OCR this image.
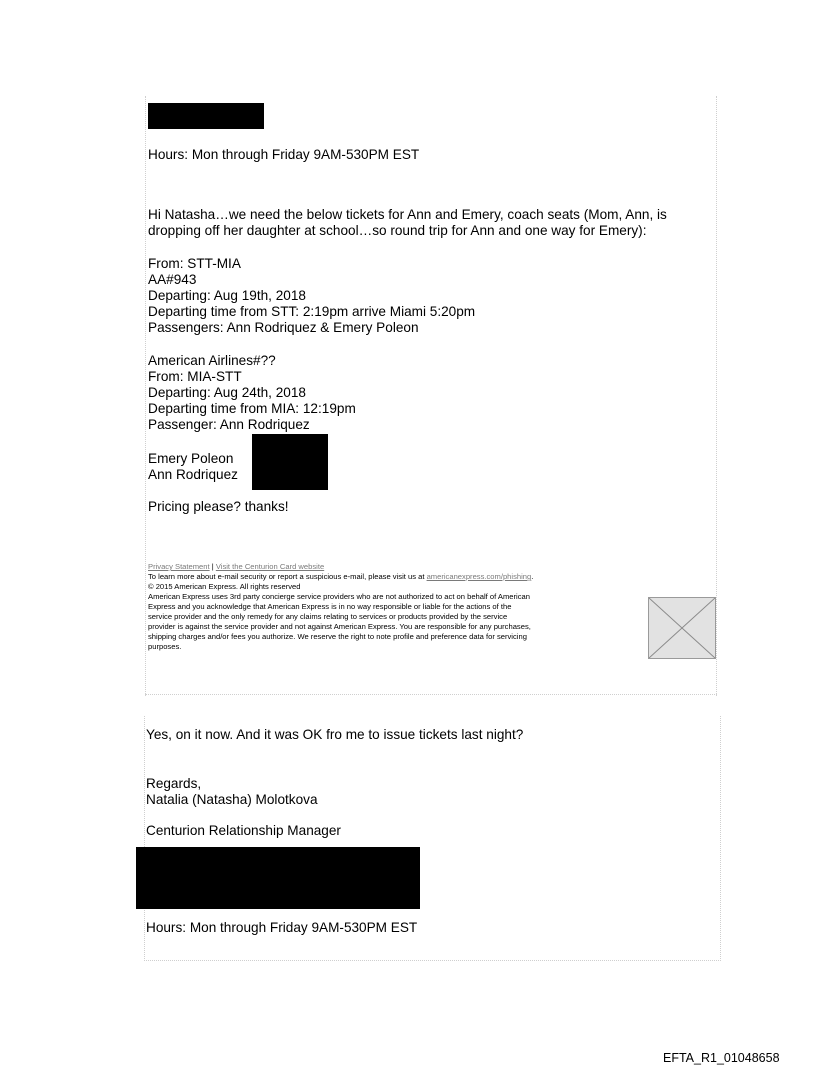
Hours: Mon through Friday 9AM-530PM EST
Hi Natasha…we need the below tickets for Ann and Emery, coach seats (Mom, Ann, is
dropping off her daughter at school…so round trip for Ann and one way for Emery):
From: STT-MIA
AA#943
Departing: Aug 19th, 2018
Departing time from STT: 2:19pm arrive Miami 5:20pm
Passengers: Ann Rodriquez & Emery Poleon
American Airlines#??
From: MIA-STT
Departing: Aug 24th, 2018
Departing time from MIA: 12:19pm
Passenger: Ann Rodriquez
Emery Poleon
Ann Rodriquez
Pricing please? thanks!
Privacy Statement | Visit the Centurion Card website
To learn more about e-mail security or report a suspicious e-mail, please visit us at americanexpress.com/phishing.
© 2015 American Express. All rights reserved
American Express uses 3rd party concierge service providers who are not authorized to act on behalf of American
Express and you acknowledge that American Express is in no way responsible or liable for the actions of the
service provider and the only remedy for any claims relating to services or products provided by the service
provider is against the service provider and not against American Express. You are responsible for any purchases,
shipping charges and/or fees you authorize. We reserve the right to note profile and preference data for servicing
purposes.
Yes, on it now. And it was OK fro me to issue tickets last night?
Regards,
Natalia (Natasha) Molotkova
Centurion Relationship Manager
Hours: Mon through Friday 9AM-530PM EST
EFTA_R1_01048658
